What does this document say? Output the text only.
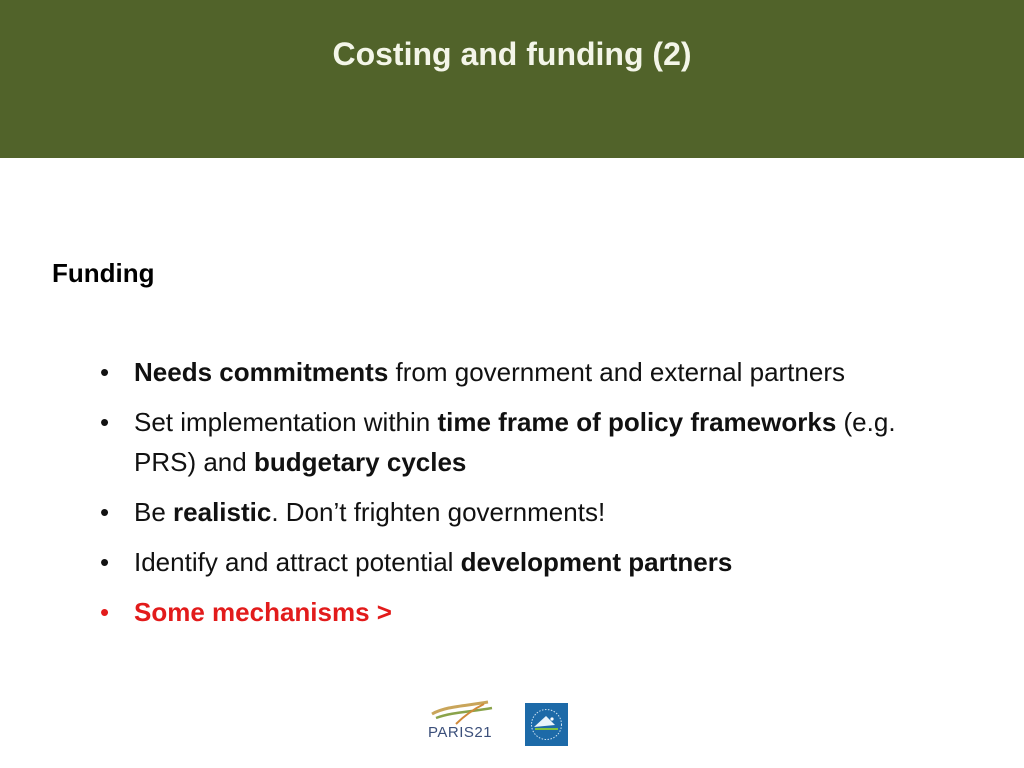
Costing and funding (2)
Funding
• Needs commitments from government and external partners
• Set implementation within time frame of policy frameworks (e.g. PRS) and budgetary cycles
• Be realistic. Don’t frighten governments!
• Identify and attract potential development partners
• Some mechanisms >
PARIS21
